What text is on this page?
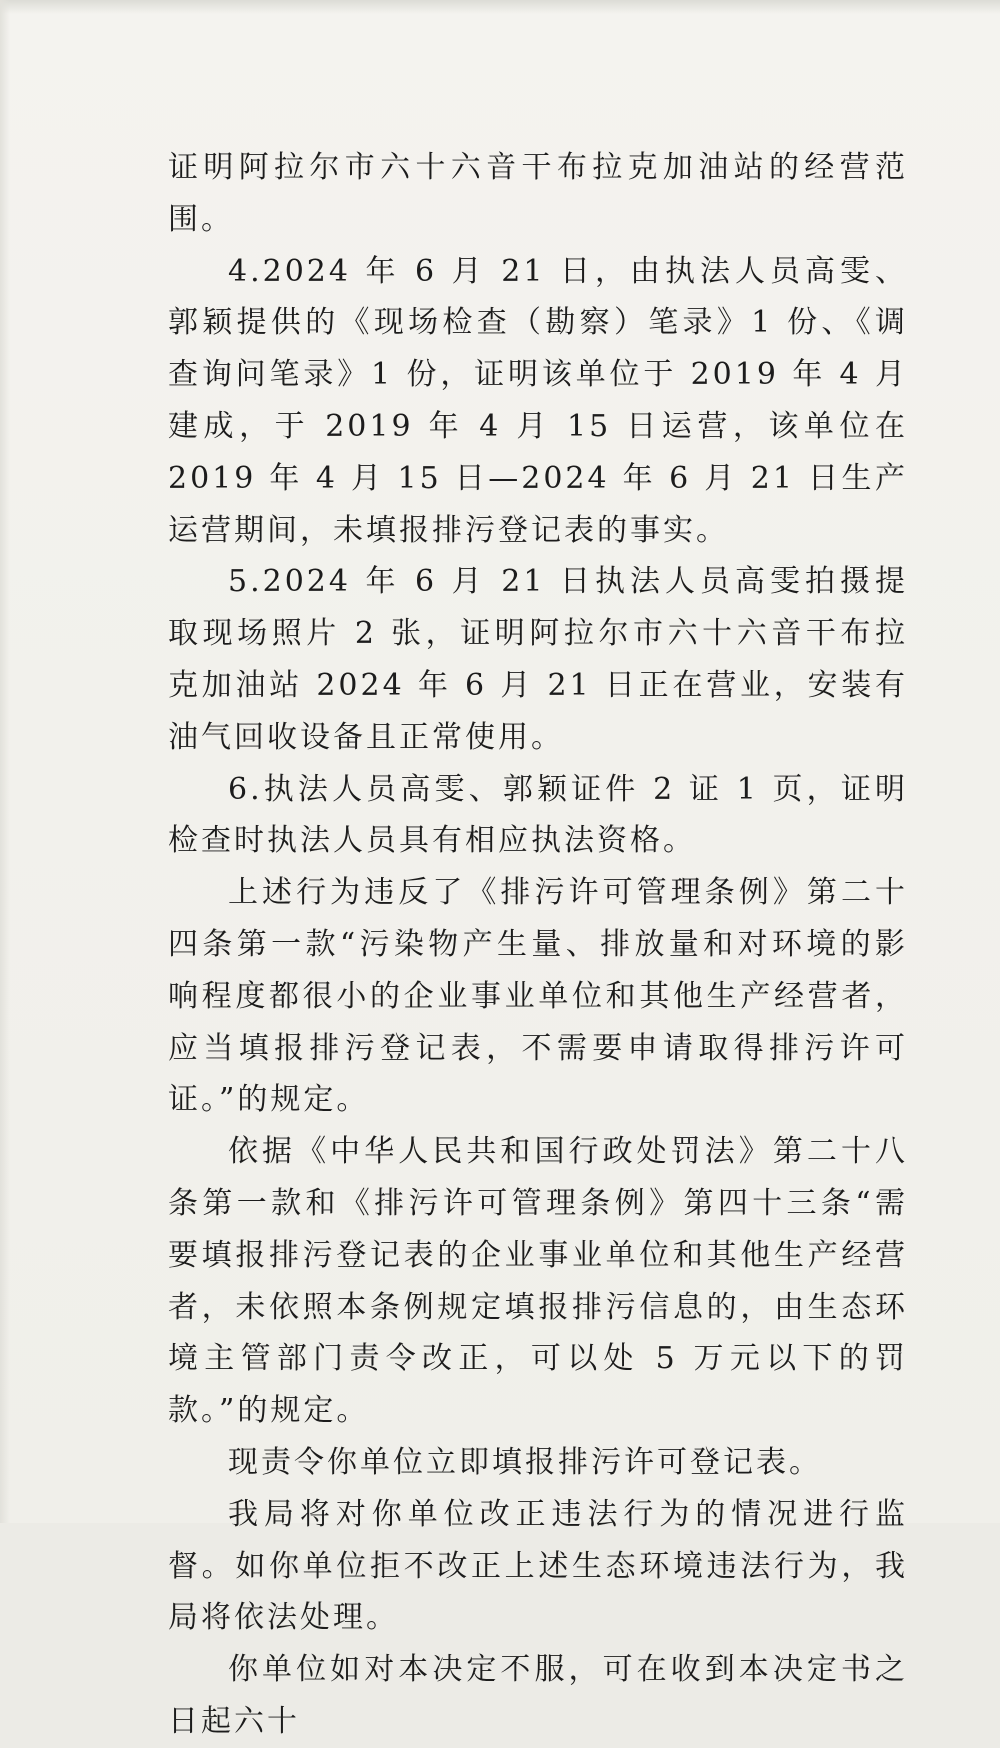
证明阿拉尔市六十六音干布拉克加油站的经营范围。

4.2024 年 6 月 21 日，由执法人员高雯、郭颖提供的《现场检查（勘察）笔录》1 份、《调查询问笔录》1 份，证明该单位于 2019 年 4 月建成，于 2019 年 4 月 15 日运营，该单位在 2019 年 4 月 15 日—2024 年 6 月 21 日生产运营期间，未填报排污登记表的事实。

5.2024 年 6 月 21 日执法人员高雯拍摄提取现场照片 2 张，证明阿拉尔市六十六音干布拉克加油站 2024 年 6 月 21 日正在营业，安装有油气回收设备且正常使用。

6.执法人员高雯、郭颖证件 2 证 1 页，证明检查时执法人员具有相应执法资格。

上述行为违反了《排污许可管理条例》第二十四条第一款“污染物产生量、排放量和对环境的影响程度都很小的企业事业单位和其他生产经营者，应当填报排污登记表，不需要申请取得排污许可证。”的规定。

依据《中华人民共和国行政处罚法》第二十八条第一款和《排污许可管理条例》第四十三条“需要填报排污登记表的企业事业单位和其他生产经营者，未依照本条例规定填报排污信息的，由生态环境主管部门责令改正，可以处 5 万元以下的罚款。”的规定。

现责令你单位立即填报排污许可登记表。

我局将对你单位改正违法行为的情况进行监督。如你单位拒不改正上述生态环境违法行为，我局将依法处理。

你单位如对本决定不服，可在收到本决定书之日起六十
